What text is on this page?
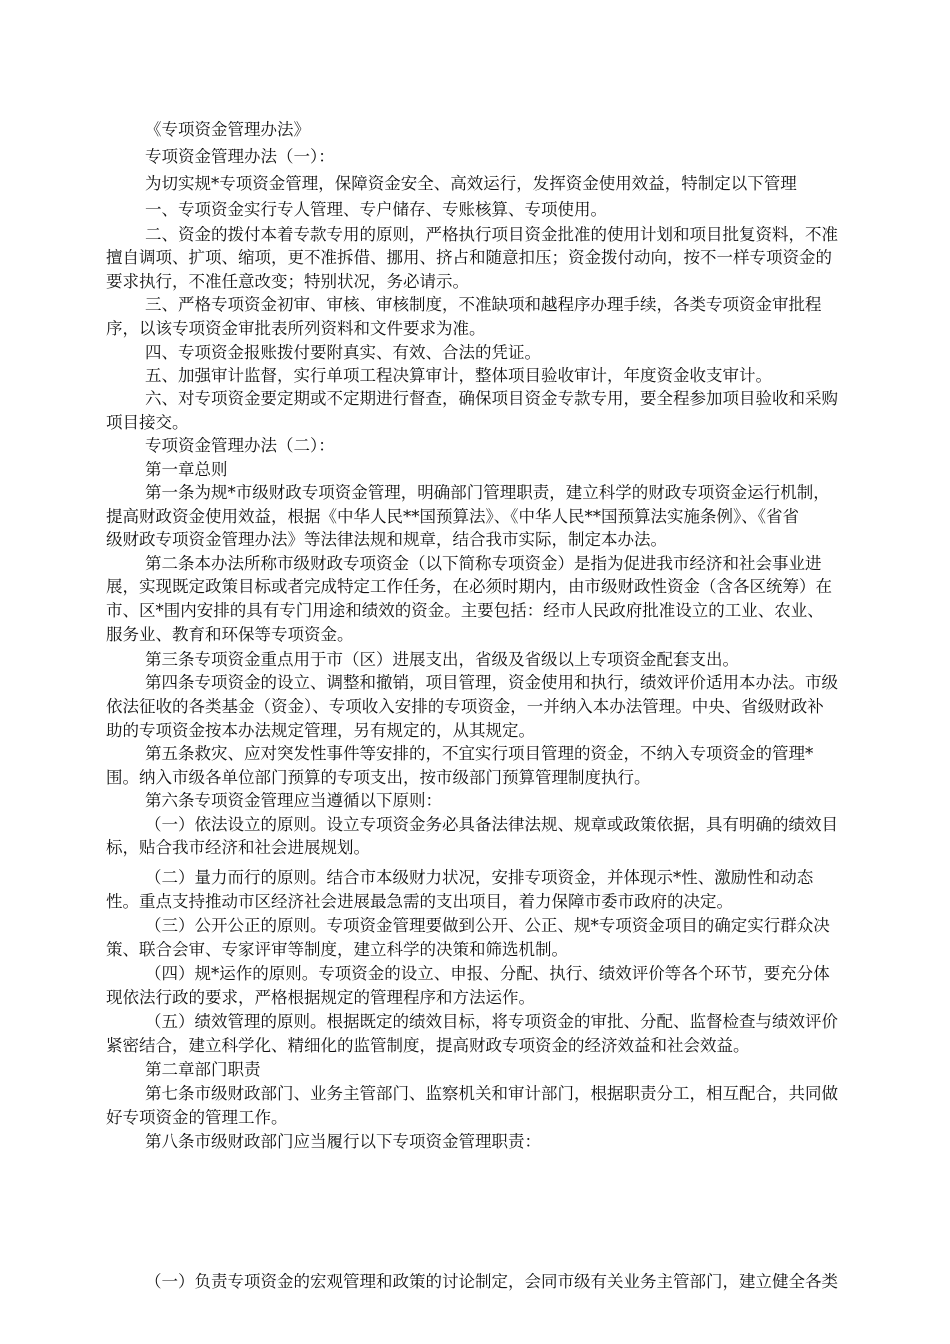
《专项资金管理办法》
专项资金管理办法（一）：
为切实规*专项资金管理，保障资金安全、高效运行，发挥资金使用效益，特制定以下管理
一、专项资金实行专人管理、专户储存、专账核算、专项使用。
二、资金的拨付本着专款专用的原则，严格执行项目资金批准的使用计划和项目批复资料，不准
擅自调项、扩项、缩项，更不准拆借、挪用、挤占和随意扣压；资金拨付动向，按不一样专项资金的
要求执行，不准任意改变；特别状况，务必请示。
三、严格专项资金初审、审核、审核制度，不准缺项和越程序办理手续，各类专项资金审批程
序，以该专项资金审批表所列资料和文件要求为准。
四、专项资金报账拨付要附真实、有效、合法的凭证。
五、加强审计监督，实行单项工程决算审计，整体项目验收审计，年度资金收支审计。
六、对专项资金要定期或不定期进行督查，确保项目资金专款专用，要全程参加项目验收和采购
项目接交。
专项资金管理办法（二）：
第一章总则
第一条为规*市级财政专项资金管理，明确部门管理职责，建立科学的财政专项资金运行机制，
提高财政资金使用效益，根据《中华人民**国预算法》、《中华人民**国预算法实施条例》、《省省
级财政专项资金管理办法》等法律法规和规章，结合我市实际，制定本办法。
第二条本办法所称市级财政专项资金（以下简称专项资金）是指为促进我市经济和社会事业进
展，实现既定政策目标或者完成特定工作任务，在必须时期内，由市级财政性资金（含各区统筹）在
市、区*围内安排的具有专门用途和绩效的资金。主要包括：经市人民政府批准设立的工业、农业、
服务业、教育和环保等专项资金。
第三条专项资金重点用于市（区）进展支出，省级及省级以上专项资金配套支出。
第四条专项资金的设立、调整和撤销，项目管理，资金使用和执行，绩效评价适用本办法。市级
依法征收的各类基金（资金）、专项收入安排的专项资金，一并纳入本办法管理。中央、省级财政补
助的专项资金按本办法规定管理，另有规定的，从其规定。
第五条救灾、应对突发性事件等安排的，不宜实行项目管理的资金，不纳入专项资金的管理*
围。纳入市级各单位部门预算的专项支出，按市级部门预算管理制度执行。
第六条专项资金管理应当遵循以下原则：
（一）依法设立的原则。设立专项资金务必具备法律法规、规章或政策依据，具有明确的绩效目
标，贴合我市经济和社会进展规划。
（二）量力而行的原则。结合市本级财力状况，安排专项资金，并体现示*性、激励性和动态
性。重点支持推动市区经济社会进展最急需的支出项目，着力保障市委市政府的决定。
（三）公开公正的原则。专项资金管理要做到公开、公正、规*专项资金项目的确定实行群众决
策、联合会审、专家评审等制度，建立科学的决策和筛选机制。
（四）规*运作的原则。专项资金的设立、申报、分配、执行、绩效评价等各个环节，要充分体
现依法行政的要求，严格根据规定的管理程序和方法运作。
（五）绩效管理的原则。根据既定的绩效目标，将专项资金的审批、分配、监督检查与绩效评价
紧密结合，建立科学化、精细化的监管制度，提高财政专项资金的经济效益和社会效益。
第二章部门职责
第七条市级财政部门、业务主管部门、监察机关和审计部门，根据职责分工，相互配合，共同做
好专项资金的管理工作。
第八条市级财政部门应当履行以下专项资金管理职责：
（一）负责专项资金的宏观管理和政策的讨论制定，会同市级有关业务主管部门，建立健全各类
